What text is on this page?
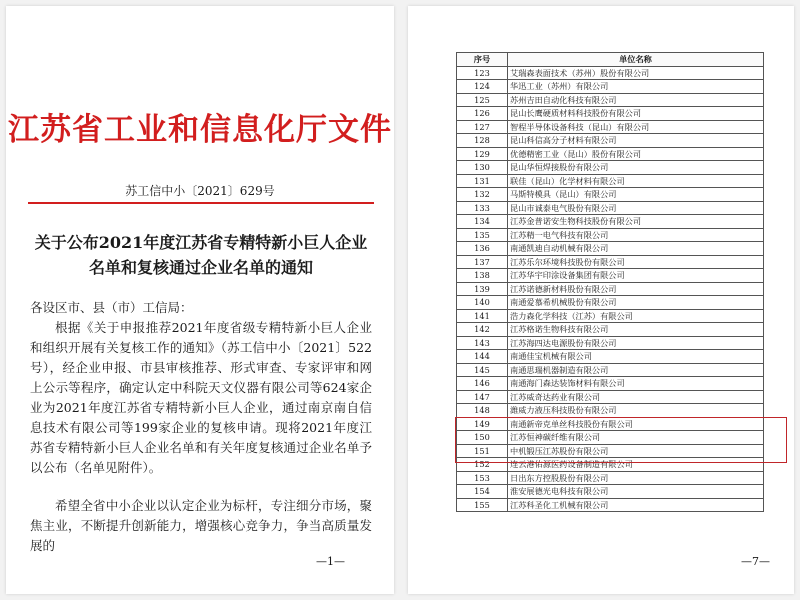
江苏省工业和信息化厅文件
苏工信中小〔2021〕629号
关于公布2021年度江苏省专精特新小巨人企业名单和复核通过企业名单的通知
各设区市、县（市）工信局：

根据《关于申报推荐2021年度省级专精特新小巨人企业和组织开展有关复核工作的通知》（苏工信中小〔2021〕522号），经企业申报、市县审核推荐、形式审查、专家评审和网上公示等程序，确定认定中科院天文仪器有限公司等624家企业为2021年度江苏省专精特新小巨人企业，通过南京南自信息技术有限公司等199家企业的复核申请。现将2021年度江苏省专精特新小巨人企业名单和有关年度复核通过企业名单予以公布（名单见附件）。

希望全省中小企业以认定企业为标杆，专注细分市场，聚焦主业，不断提升创新能力，增强核心竞争力，争当高质量发展的

—1—
序号	单位名称
123	艾瑞森表面技术（苏州）股份有限公司
124	华迅工业（苏州）有限公司
125	苏州吉田自动化科技有限公司
126	昆山长鹰硬质材料科技股份有限公司
127	智程半导体设备科技（昆山）有限公司
128	昆山科信高分子材料有限公司
129	优德精密工业（昆山）股份有限公司
130	昆山华恒焊接股份有限公司
131	联佳（昆山）化学材料有限公司
132	马斯特模具（昆山）有限公司
133	昆山市诚泰电气股份有限公司
134	江苏金普诺安生物科技股份有限公司
135	江苏精一电气科技有限公司
136	南通凯迪自动机械有限公司
137	江苏乐尔环境科技股份有限公司
138	江苏华宇印涂设备集团有限公司
139	江苏诺德新材料股份有限公司
140	南通爱慕希机械股份有限公司
141	浩力森化学科技（江苏）有限公司
142	江苏格诺生物科技有限公司
143	江苏海四达电源股份有限公司
144	南通佳宝机械有限公司
145	南通思瑞机器制造有限公司
146	南通海门森达装饰材料有限公司
147	江苏威奇达药业有限公司
148	潍威力液压科技股份有限公司
149	南通新帝克单丝科技股份有限公司
150	江苏恒神碳纤维有限公司
151	中机锻压江苏股份有限公司
152	连云港佑源医药设备制造有限公司
153	日出东方控股股份有限公司
154	淮安展德光电科技有限公司
155	江苏科圣化工机械有限公司
—7—
